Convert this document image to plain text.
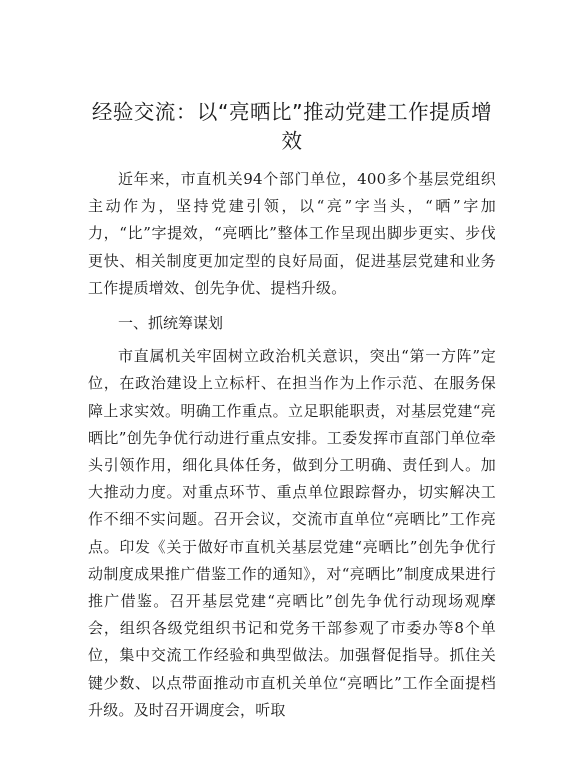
经验交流：以“亮晒比”推动党建工作提质增效

近年来，市直机关94个部门单位，400多个基层党组织主动作为，坚持党建引领，以“亮”字当头，“晒”字加力，“比”字提效，“亮晒比”整体工作呈现出脚步更实、步伐更快、相关制度更加定型的良好局面，促进基层党建和业务工作提质增效、创先争优、提档升级。

一、抓统筹谋划

市直属机关牢固树立政治机关意识，突出“第一方阵”定位，在政治建设上立标杆、在担当作为上作示范、在服务保障上求实效。明确工作重点。立足职能职责，对基层党建“亮晒比”创先争优行动进行重点安排。工委发挥市直部门单位牵头引领作用，细化具体任务，做到分工明确、责任到人。加大推动力度。对重点环节、重点单位跟踪督办，切实解决工作不细不实问题。召开会议，交流市直单位“亮晒比”工作亮点。印发《关于做好市直机关基层党建“亮晒比”创先争优行动制度成果推广借鉴工作的通知》，对“亮晒比”制度成果进行推广借鉴。召开基层党建“亮晒比”创先争优行动现场观摩会，组织各级党组织书记和党务干部参观了市委办等8个单位，集中交流工作经验和典型做法。加强督促指导。抓住关键少数、以点带面推动市直机关单位“亮晒比”工作全面提档升级。及时召开调度会，听取
